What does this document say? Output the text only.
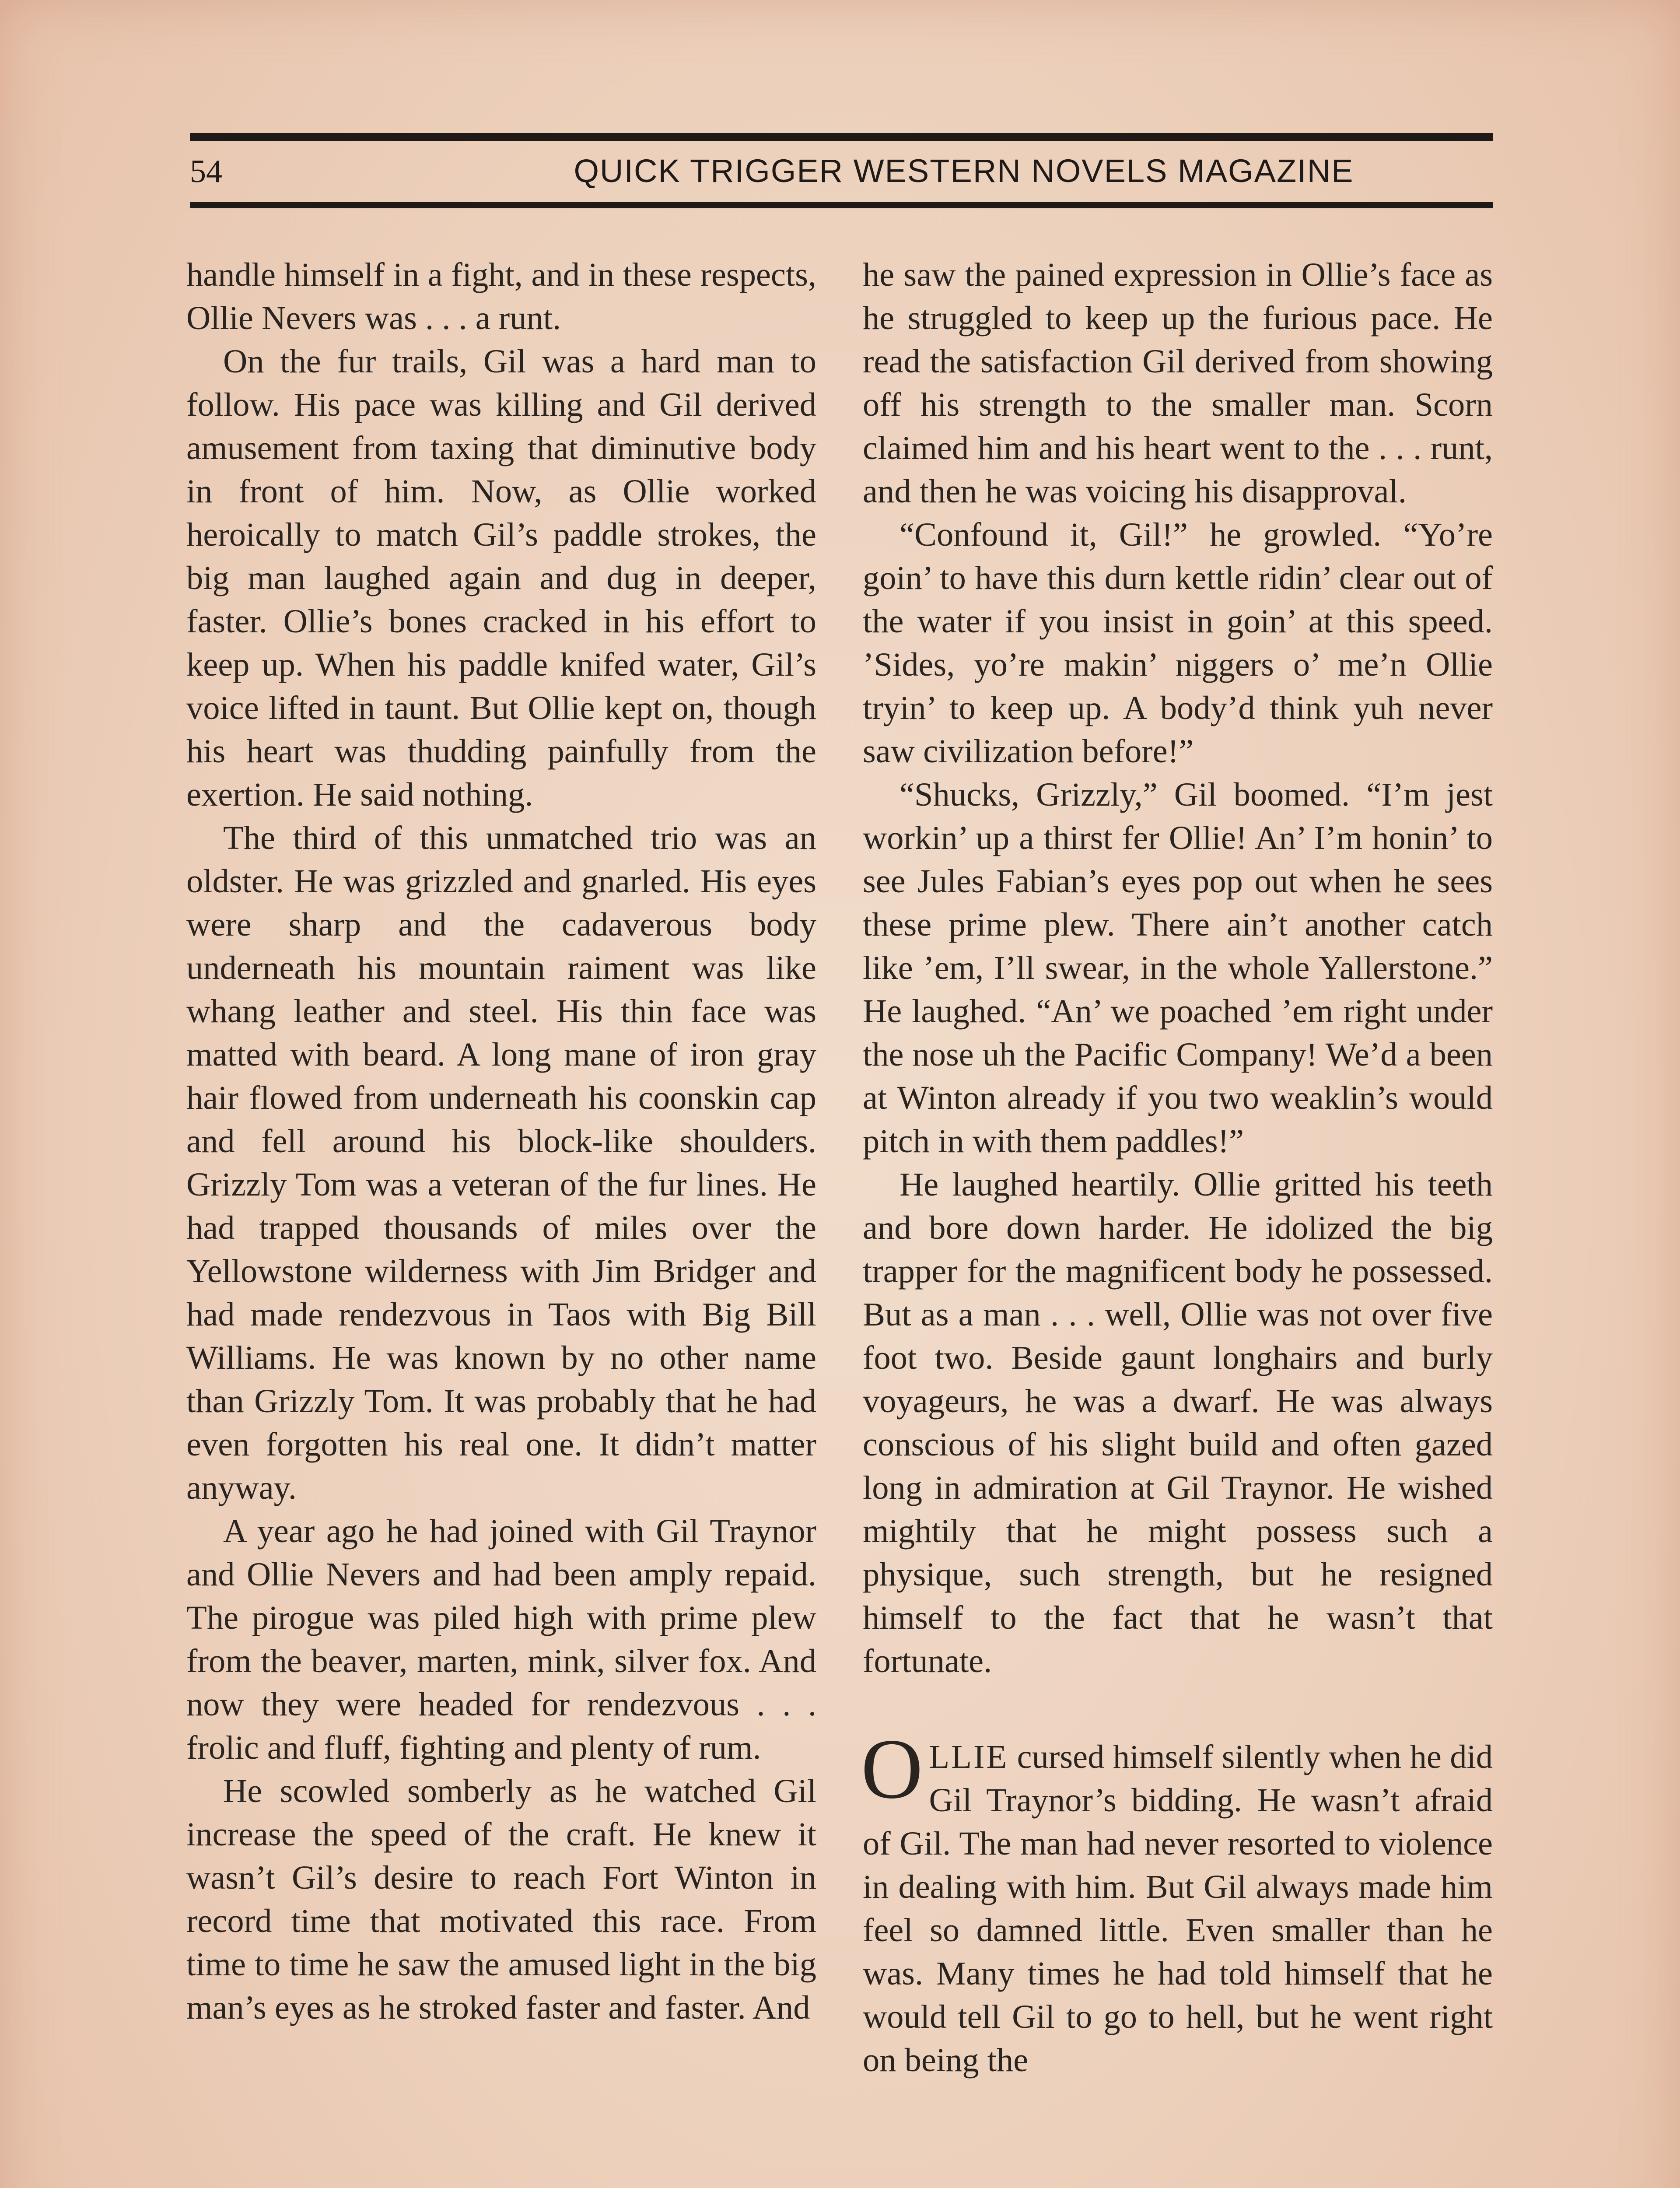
54	QUICK TRIGGER WESTERN NOVELS MAGAZINE

handle himself in a fight, and in these respects, Ollie Nevers was . . . a runt.

On the fur trails, Gil was a hard man to follow. His pace was killing and Gil derived amusement from taxing that diminutive body in front of him. Now, as Ollie worked heroically to match Gil’s paddle strokes, the big man laughed again and dug in deeper, faster. Ollie’s bones cracked in his effort to keep up. When his paddle knifed water, Gil’s voice lifted in taunt. But Ollie kept on, though his heart was thudding painfully from the exertion. He said nothing.

The third of this unmatched trio was an oldster. He was grizzled and gnarled. His eyes were sharp and the cadaverous body underneath his mountain raiment was like whang leather and steel. His thin face was matted with beard. A long mane of iron gray hair flowed from underneath his coonskin cap and fell around his block-like shoulders. Grizzly Tom was a veteran of the fur lines. He had trapped thousands of miles over the Yellowstone wilderness with Jim Bridger and had made rendezvous in Taos with Big Bill Williams. He was known by no other name than Grizzly Tom. It was probably that he had even forgotten his real one. It didn’t matter anyway.

A year ago he had joined with Gil Traynor and Ollie Nevers and had been amply repaid. The pirogue was piled high with prime plew from the beaver, marten, mink, silver fox. And now they were headed for rendezvous . . . frolic and fluff, fighting and plenty of rum.

He scowled somberly as he watched Gil increase the speed of the craft. He knew it wasn’t Gil’s desire to reach Fort Winton in record time that motivated this race. From time to time he saw the amused light in the big man’s eyes as he stroked faster and faster. And

he saw the pained expression in Ollie’s face as he struggled to keep up the furious pace. He read the satisfaction Gil derived from showing off his strength to the smaller man. Scorn claimed him and his heart went to the . . . runt, and then he was voicing his disapproval.

“Confound it, Gil!” he growled. “Yo’re goin’ to have this durn kettle ridin’ clear out of the water if you insist in goin’ at this speed. ’Sides, yo’re makin’ niggers o’ me’n Ollie tryin’ to keep up. A body’d think yuh never saw civilization before!”

“Shucks, Grizzly,” Gil boomed. “I’m jest workin’ up a thirst fer Ollie! An’ I’m honin’ to see Jules Fabian’s eyes pop out when he sees these prime plew. There ain’t another catch like ’em, I’ll swear, in the whole Yallerstone.” He laughed. “An’ we poached ’em right under the nose uh the Pacific Company! We’d a been at Winton already if you two weaklin’s would pitch in with them paddles!”

He laughed heartily. Ollie gritted his teeth and bore down harder. He idolized the big trapper for the magnificent body he possessed. But as a man . . . well, Ollie was not over five foot two. Beside gaunt longhairs and burly voyageurs, he was a dwarf. He was always conscious of his slight build and often gazed long in admiration at Gil Traynor. He wished mightily that he might possess such a physique, such strength, but he resigned himself to the fact that he wasn’t that fortunate.

OLLIE cursed himself silently when he did Gil Traynor’s bidding. He wasn’t afraid of Gil. The man had never resorted to violence in dealing with him. But Gil always made him feel so damned little. Even smaller than he was. Many times he had told himself that he would tell Gil to go to hell, but he went right on being the
